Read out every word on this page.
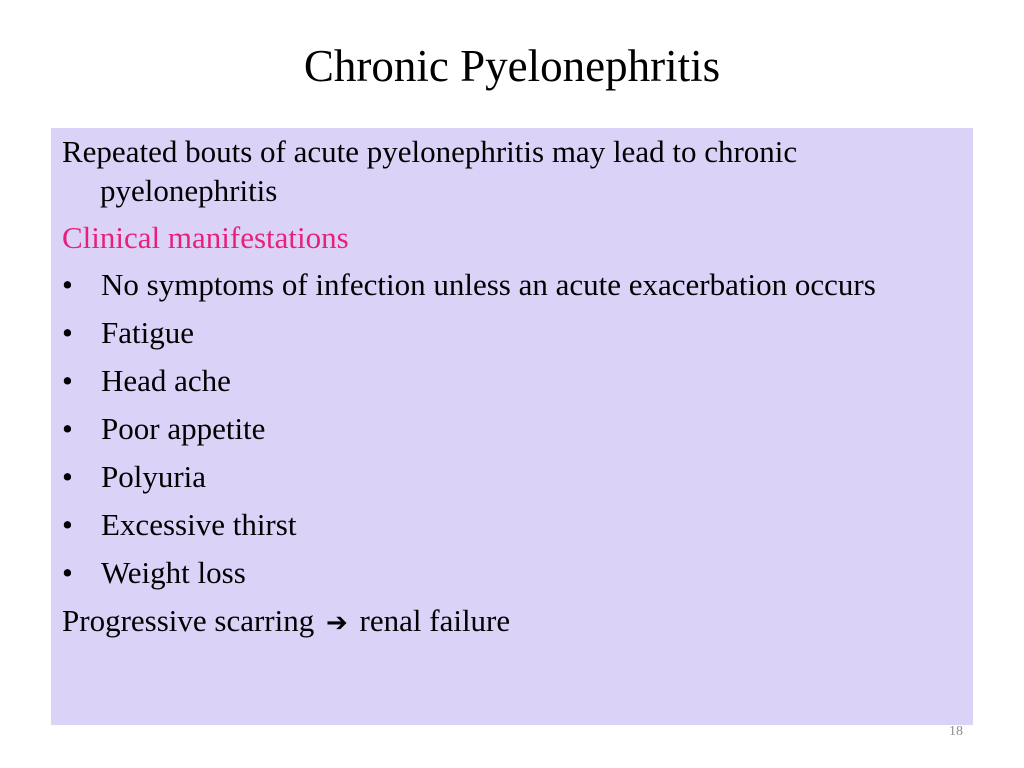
Chronic Pyelonephritis

Repeated bouts of acute pyelonephritis may lead to chronic pyelonephritis

Clinical manifestations

• No symptoms of infection unless an acute exacerbation occurs
• Fatigue
• Head ache
• Poor appetite
• Polyuria
• Excessive thirst
• Weight loss

Progressive scarring ➔ renal failure

18
